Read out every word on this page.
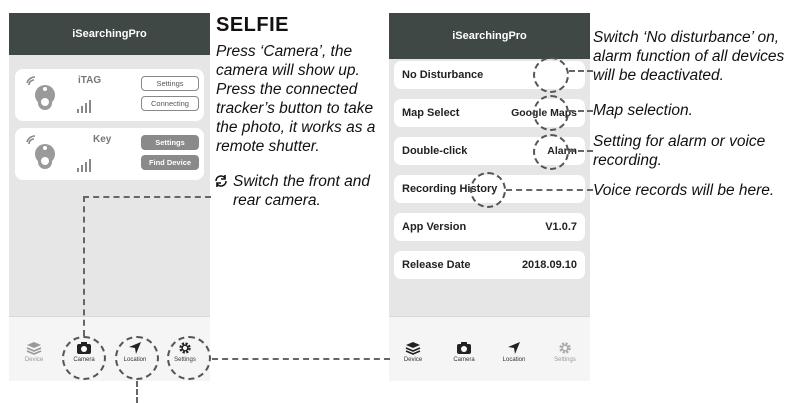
iSearchingPro
iTAG	Settings
Connecting
Key	Settings
Find Device
Device	Camera	Location	Settings
iSearchingPro
No Disturbance
Map Select	Google Maps
Double-click	Alarm
Recording History
App Version	V1.0.7
Release Date	2018.09.10
Device	Camera	Location	Settings
SELFIE
Press ‘Camera’, the camera will show up. Press the connected tracker’s button to take the photo, it works as a remote shutter.
Switch the front and rear camera.
Switch ‘No disturbance’ on, alarm function of all devices will be deactivated.
Map selection.
Setting for alarm or voice recording.
Voice records will be here.
